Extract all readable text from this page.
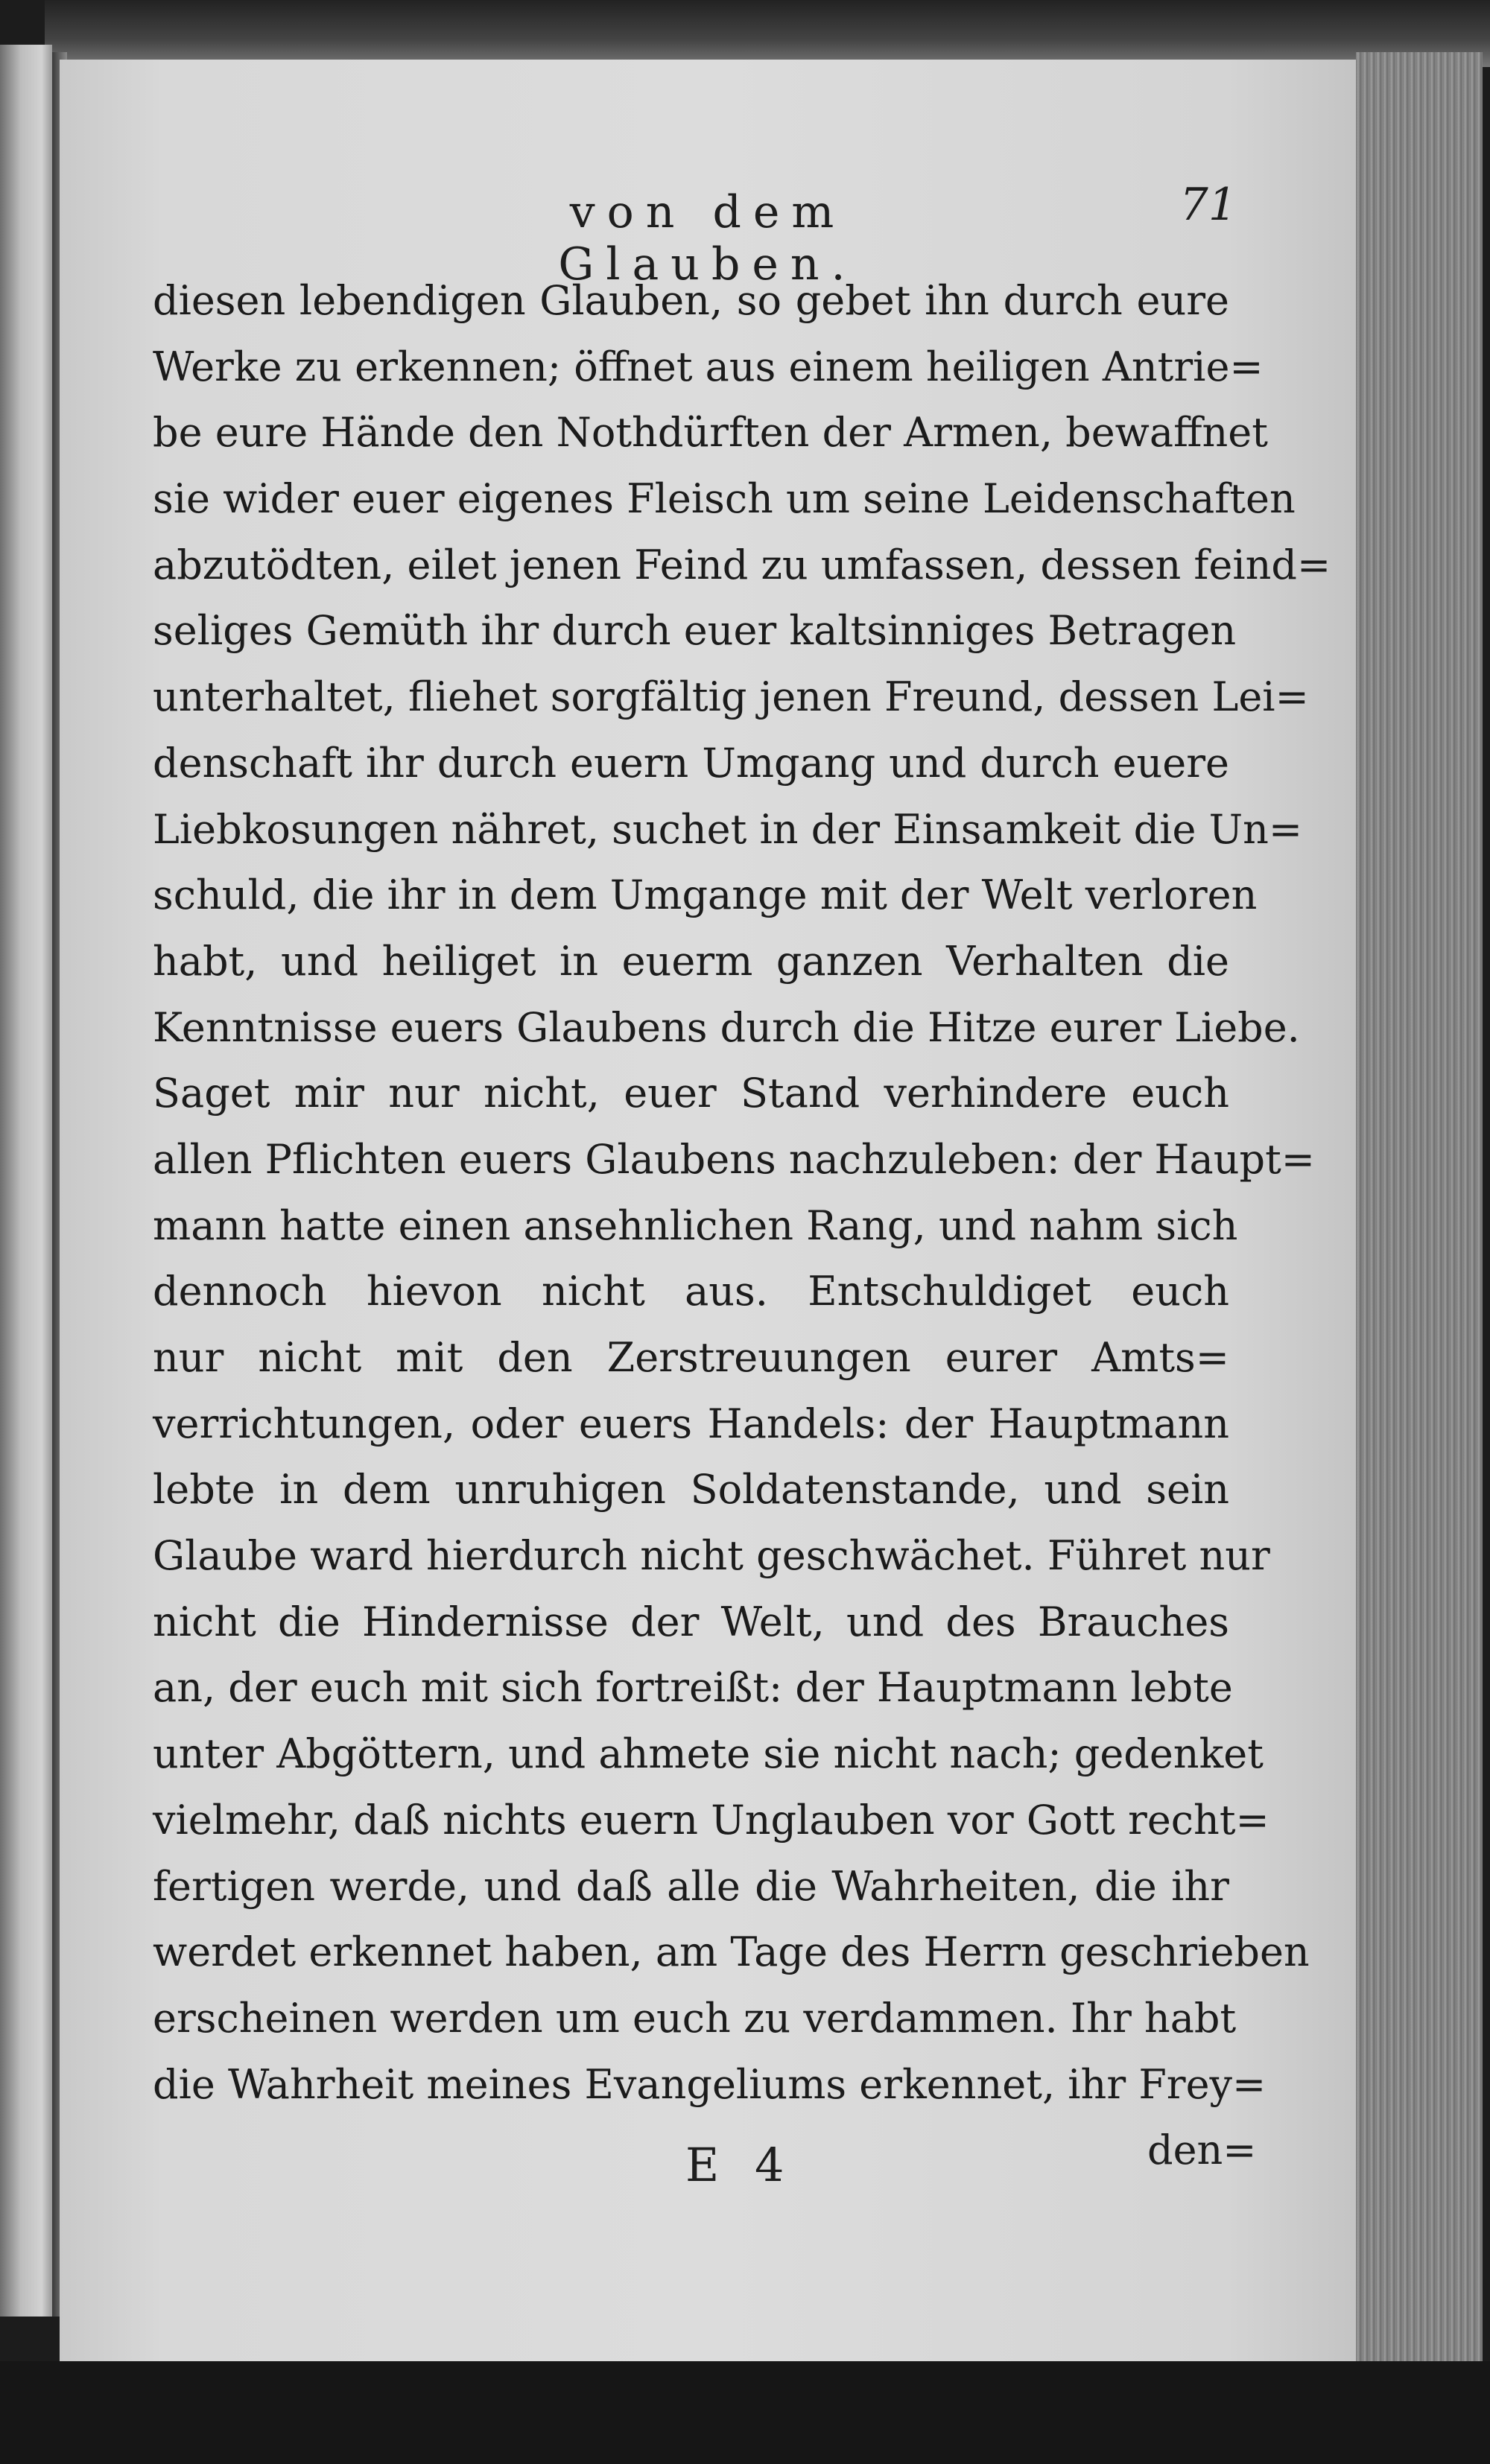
von dem Glauben.
71
diesen lebendigen Glauben, so gebet ihn durch eure
Werke zu erkennen; öffnet aus einem heiligen Antrie=
be eure Hände den Nothdürften der Armen, bewaffnet
sie wider euer eigenes Fleisch um seine Leidenschaften
abzutödten, eilet jenen Feind zu umfassen, dessen feind=
seliges Gemüth ihr durch euer kaltsinniges Betragen
unterhaltet, fliehet sorgfältig jenen Freund, dessen Lei=
denschaft ihr durch euern Umgang und durch euere
Liebkosungen nähret, suchet in der Einsamkeit die Un=
schuld, die ihr in dem Umgange mit der Welt verloren
habt, und heiliget in euerm ganzen Verhalten die
Kenntnisse euers Glaubens durch die Hitze eurer Liebe.
Saget mir nur nicht, euer Stand verhindere euch
allen Pflichten euers Glaubens nachzuleben: der Haupt=
mann hatte einen ansehnlichen Rang, und nahm sich
dennoch hievon nicht aus. Entschuldiget euch
nur nicht mit den Zerstreuungen eurer Amts=
verrichtungen, oder euers Handels: der Hauptmann
lebte in dem unruhigen Soldatenstande, und sein
Glaube ward hierdurch nicht geschwächet. Führet nur
nicht die Hindernisse der Welt, und des Brauches
an, der euch mit sich fortreißt: der Hauptmann lebte
unter Abgöttern, und ahmete sie nicht nach; gedenket
vielmehr, daß nichts euern Unglauben vor Gott recht=
fertigen werde, und daß alle die Wahrheiten, die ihr
werdet erkennet haben, am Tage des Herrn geschrieben
erscheinen werden um euch zu verdammen. Ihr habt
die Wahrheit meines Evangeliums erkennet, ihr Frey=
E 4	den=
